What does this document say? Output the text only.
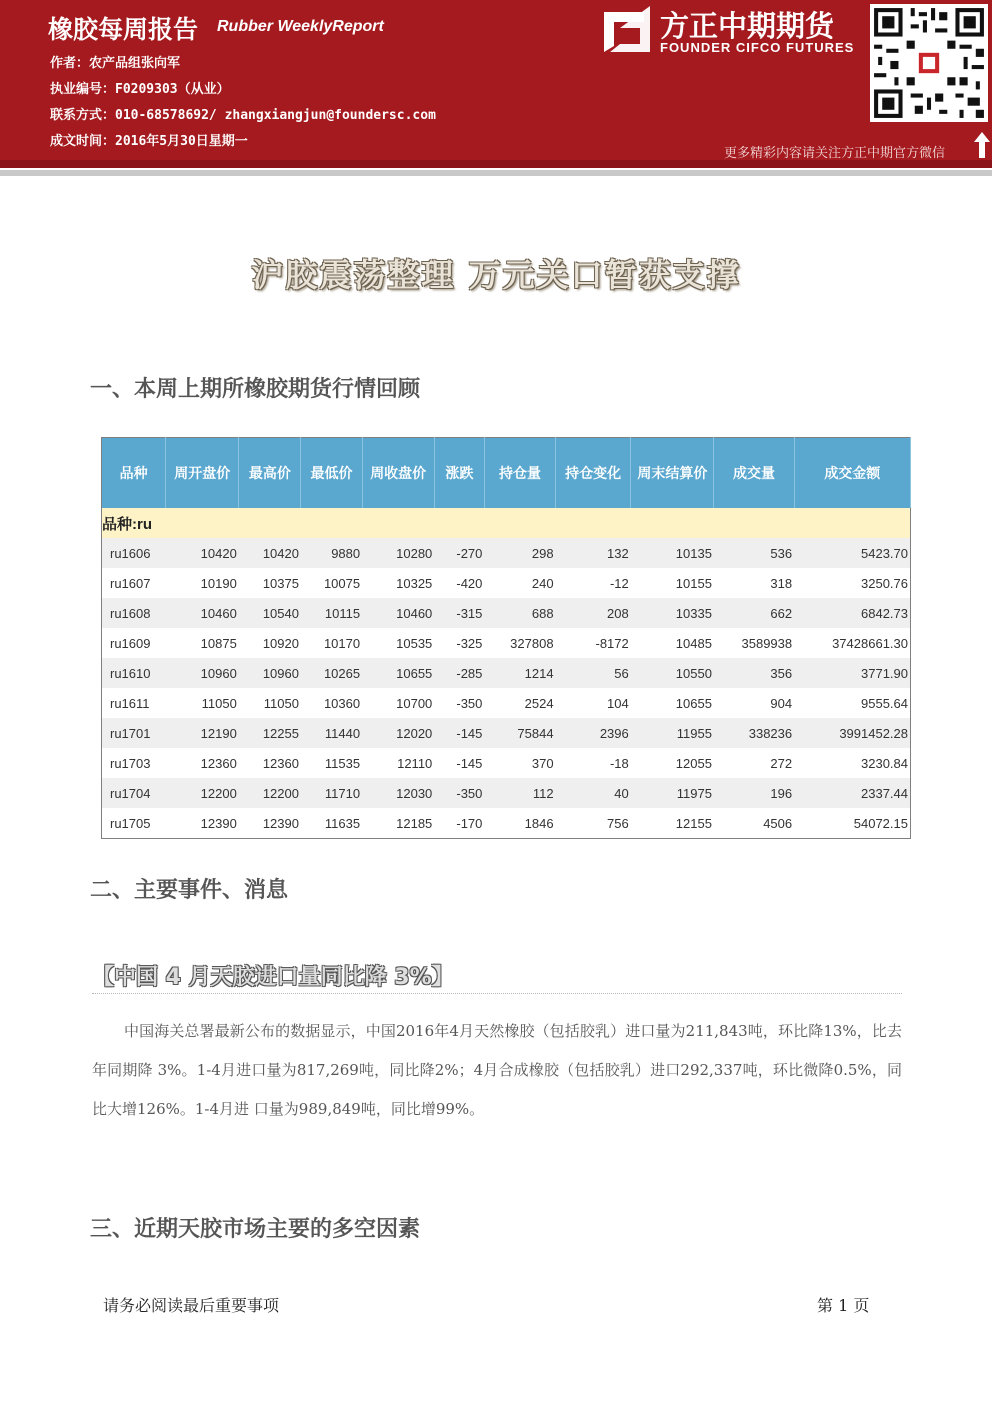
橡胶每周报告 Rubber WeeklyReport
作者：农产品组张向军
执业编号：F0209303（从业）
联系方式：010-68578692/ zhangxiangjun@foundersc.com
成文时间：2016年5月30日星期一
方正中期期货
FOUNDER CIFCO FUTURES
更多精彩内容请关注方正中期官方微信
沪胶震荡整理 万元关口暂获支撑
一、本周上期所橡胶期货行情回顾
品种	周开盘价	最高价	最低价	周收盘价	涨跌	持仓量	持仓变化	周末结算价	成交量	成交金额
品种:ru										
ru1606	10420	10420	9880	10280	-270	298	132	10135	536	5423.70
ru1607	10190	10375	10075	10325	-420	240	-12	10155	318	3250.76
ru1608	10460	10540	10115	10460	-315	688	208	10335	662	6842.73
ru1609	10875	10920	10170	10535	-325	327808	-8172	10485	3589938	37428661.30
ru1610	10960	10960	10265	10655	-285	1214	56	10550	356	3771.90
ru1611	11050	11050	10360	10700	-350	2524	104	10655	904	9555.64
ru1701	12190	12255	11440	12020	-145	75844	2396	11955	338236	3991452.28
ru1703	12360	12360	11535	12110	-145	370	-18	12055	272	3230.84
ru1704	12200	12200	11710	12030	-350	112	40	11975	196	2337.44
ru1705	12390	12390	11635	12185	-170	1846	756	12155	4506	54072.15
二、主要事件、消息
【中国 4 月天胶进口量同比降 3%】
中国海关总署最新公布的数据显示，中国2016年4月天然橡胶（包括胶乳）进口量为211,843吨，环比降13%，比去年同期降 3%。1-4月进口量为817,269吨，同比降2%；4月合成橡胶（包括胶乳）进口292,337吨，环比微降0.5%，同比大增126%。1-4月进 口量为989,849吨，同比增99%。
三、近期天胶市场主要的多空因素
请务必阅读最后重要事项	第 1 页
